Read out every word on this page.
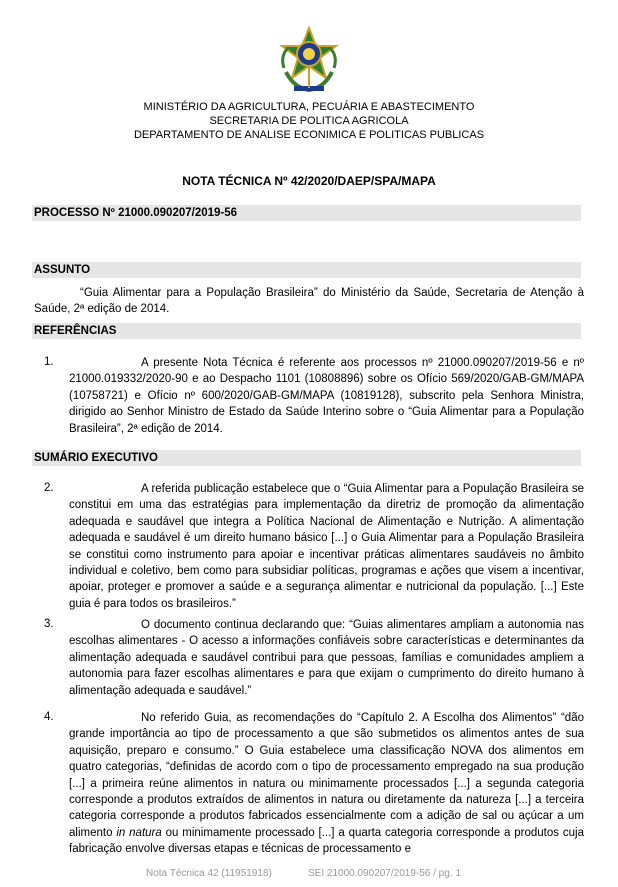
MINISTÉRIO DA AGRICULTURA, PECUÁRIA E ABASTECIMENTO
SECRETARIA DE POLITICA AGRICOLA
DEPARTAMENTO DE ANALISE ECONIMICA E POLITICAS PUBLICAS
NOTA TÉCNICA Nº 42/2020/DAEP/SPA/MAPA
PROCESSO Nº 21000.090207/2019-56
ASSUNTO
“Guia Alimentar para a População Brasileira” do Ministério da Saúde, Secretaria de Atenção à Saúde, 2ª edição de 2014.
REFERÊNCIAS
1.	A presente Nota Técnica é referente aos processos nº 21000.090207/2019-56 e nº 21000.019332/2020-90 e ao Despacho 1101 (10808896) sobre os Ofício 569/2020/GAB-GM/MAPA (10758721) e Ofício nº 600/2020/GAB-GM/MAPA (10819128), subscrito pela Senhora Ministra, dirigido ao Senhor Ministro de Estado da Saúde Interino sobre o “Guia Alimentar para a População Brasileira”, 2ª edição de 2014.
SUMÁRIO EXECUTIVO
2.	A referida publicação estabelece que o “Guia Alimentar para a População Brasileira se constitui em uma das estratégias para implementação da diretriz de promoção da alimentação adequada e saudável que integra a Política Nacional de Alimentação e Nutrição. A alimentação adequada e saudável é um direito humano básico [...] o Guia Alimentar para a População Brasileira se constitui como instrumento para apoiar e incentivar práticas alimentares saudáveis no âmbito individual e coletivo, bem como para subsidiar políticas, programas e ações que visem a incentivar, apoiar, proteger e promover a saúde e a segurança alimentar e nutricional da população. [...] Este guia é para todos os brasileiros.”
3.	O documento continua declarando que: “Guias alimentares ampliam a autonomia nas escolhas alimentares - O acesso a informações confiáveis sobre características e determinantes da alimentação adequada e saudável contribui para que pessoas, famílias e comunidades ampliem a autonomia para fazer escolhas alimentares e para que exijam o cumprimento do direito humano à alimentação adequada e saudável.”
4.	No referido Guia, as recomendações do “Capítulo 2. A Escolha dos Alimentos” “dão grande importância ao tipo de processamento a que são submetidos os alimentos antes de sua aquisição, preparo e consumo.” O Guia estabelece uma classificação NOVA dos alimentos em quatro categorias, “definidas de acordo com o tipo de processamento empregado na sua produção [...] a primeira reúne alimentos in natura ou minimamente processados [...] a segunda categoria corresponde a produtos extraídos de alimentos in natura ou diretamente da natureza [...] a terceira categoria corresponde a produtos fabricados essencialmente com a adição de sal ou açúcar a um alimento in natura ou minimamente processado [...] a quarta categoria corresponde a produtos cuja fabricação envolve diversas etapas e técnicas de processamento e
Nota Técnica 42 (11951918)	SEI 21000.090207/2019-56 / pg. 1
